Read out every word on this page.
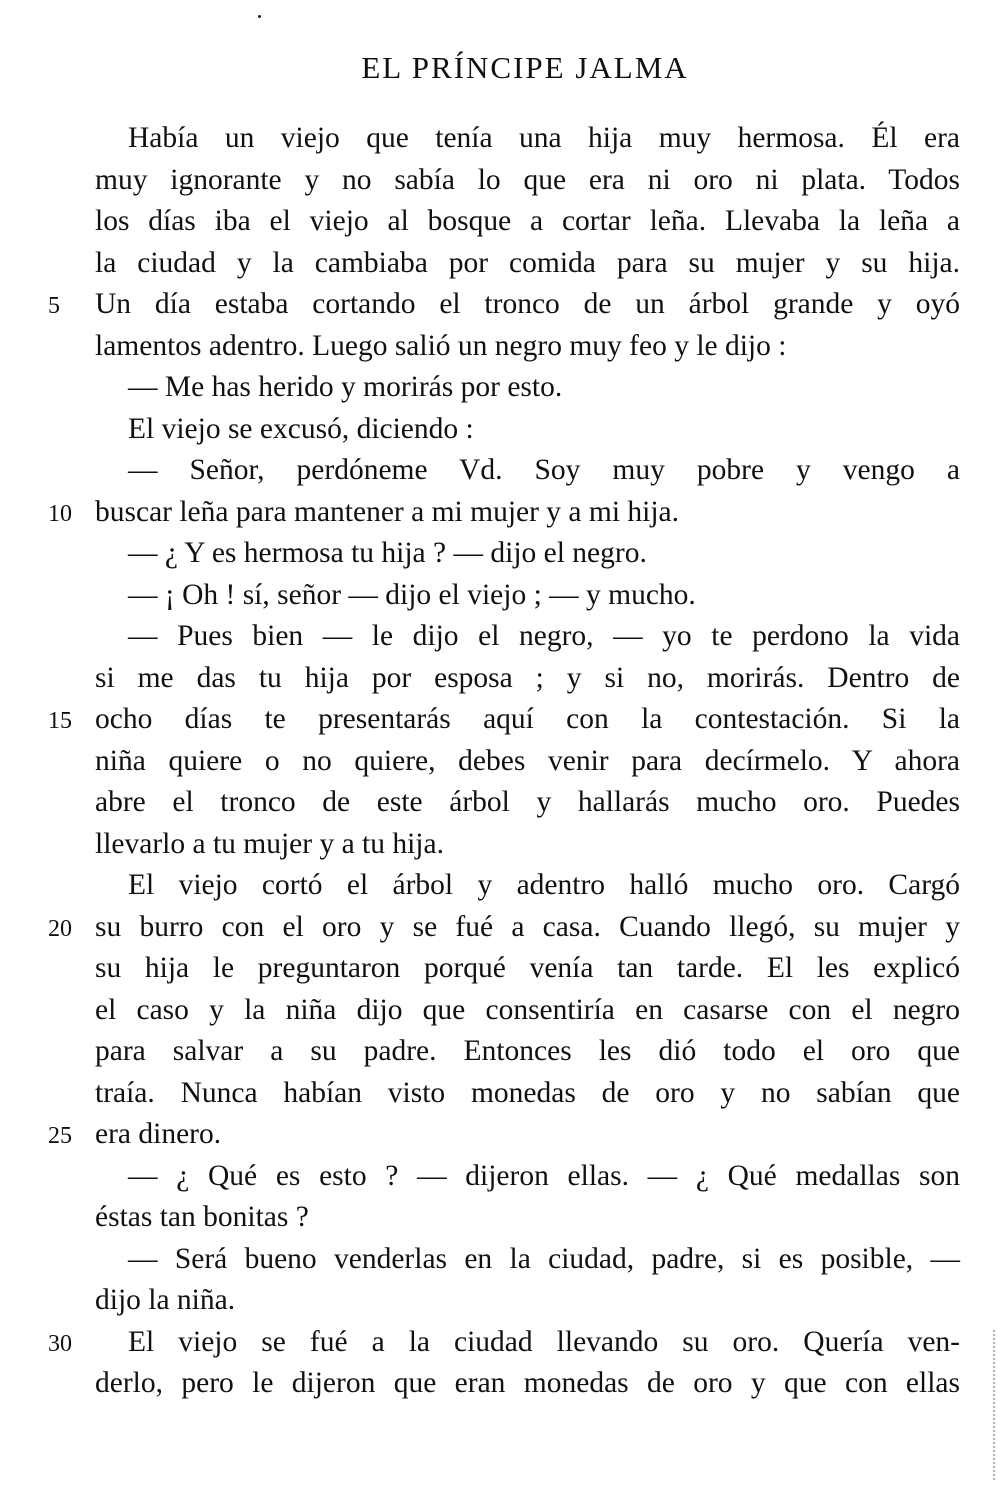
EL PRÍNCIPE JALMA
Había un viejo que tenía una hija muy hermosa. Él era
muy ignorante y no sabía lo que era ni oro ni plata. Todos
los días iba el viejo al bosque a cortar leña. Llevaba la leña a
la ciudad y la cambiaba por comida para su mujer y su hija.
5	Un día estaba cortando el tronco de un árbol grande y oyó
lamentos adentro. Luego salió un negro muy feo y le dijo :
— Me has herido y morirás por esto.
El viejo se excusó, diciendo :
— Señor, perdóneme Vd. Soy muy pobre y vengo a
10 buscar leña para mantener a mi mujer y a mi hija.
— ¿ Y es hermosa tu hija ? — dijo el negro.
— ¡ Oh ! sí, señor — dijo el viejo ; — y mucho.
— Pues bien — le dijo el negro, — yo te perdono la vida
si me das tu hija por esposa ; y si no, morirás. Dentro de
15 ocho días te presentarás aquí con la contestación. Si la
niña quiere o no quiere, debes venir para decírmelo. Y ahora
abre el tronco de este árbol y hallarás mucho oro. Puedes
llevarlo a tu mujer y a tu hija.
El viejo cortó el árbol y adentro halló mucho oro. Cargó
20 su burro con el oro y se fué a casa. Cuando llegó, su mujer y
su hija le preguntaron porqué venía tan tarde. El les explicó
el caso y la niña dijo que consentiría en casarse con el negro
para salvar a su padre. Entonces les dió todo el oro que
traía. Nunca habían visto monedas de oro y no sabían que
25 era dinero.
— ¿ Qué es esto ? — dijeron ellas. — ¿ Qué medallas son
éstas tan bonitas ?
— Será bueno venderlas en la ciudad, padre, si es posible, —
dijo la niña.
30	El viejo se fué a la ciudad llevando su oro. Quería ven-
derlo, pero le dijeron que eran monedas de oro y que con ellas
